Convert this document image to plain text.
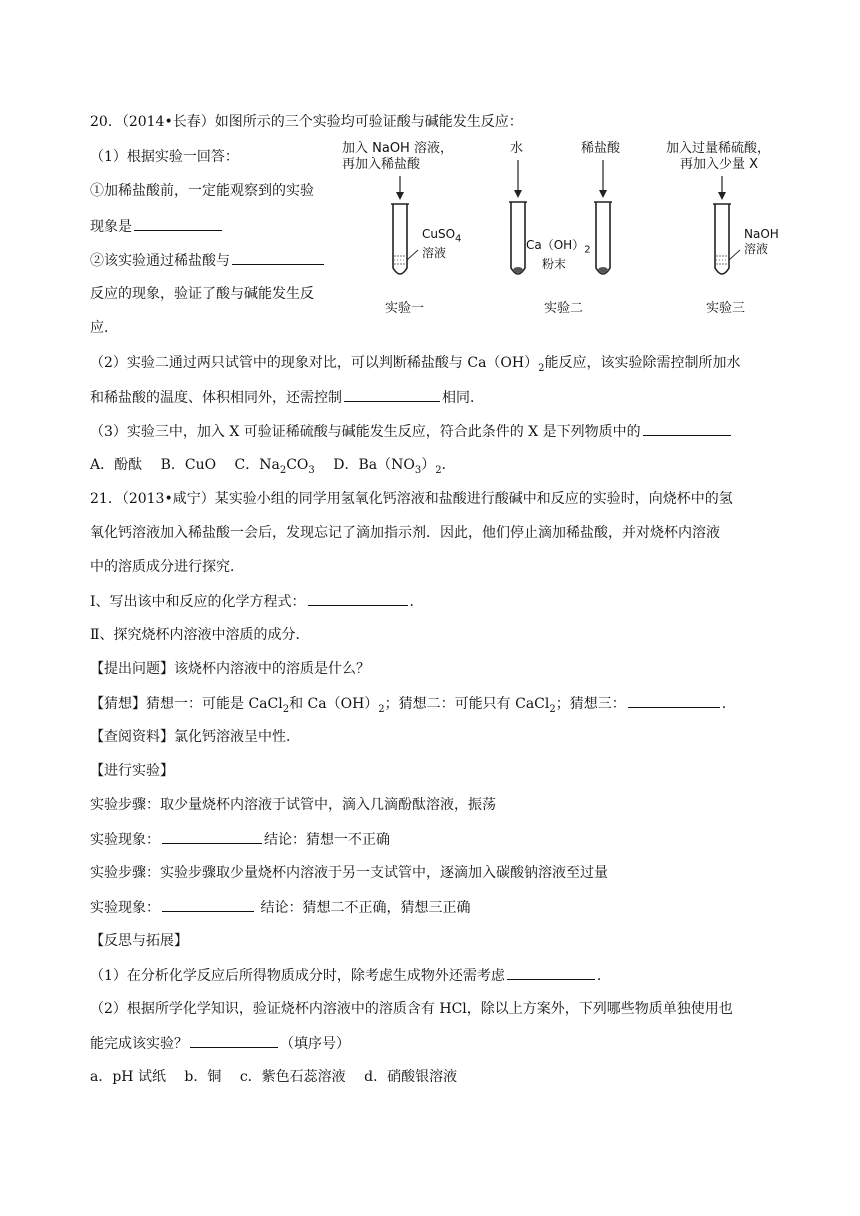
20．（2014•长春）如图所示的三个实验均可验证酸与碱能发生反应：
（1）根据实验一回答：
①加稀盐酸前，一定能观察到的实验
现象是
②该实验通过稀盐酸与
反应的现象，验证了酸与碱能发生反
应．
加入 NaOH 溶液，
再加入稀盐酸
CuSO$_4$
溶液
实验一
水	稀盐酸
$Ca(OH)_2$
粉末
实验二
加入过量稀硫酸，
再加入少量 X
NaOH
溶液
实验三
（2）实验二通过两只试管中的现象对比，可以判断稀盐酸与 $Ca(OH)_2$能反应，该实验除需控制所加水
和稀盐酸的温度、体积相同外，还需控制	相同．
（3）实验三中，加入 X 可验证稀硫酸与碱能发生反应，符合此条件的 X 是下列物质中的
A．酚酞　 B．CuO　 C．$Na_2CO_3$　 D．$Ba(NO_3)_2$．
21．（2013•咸宁）某实验小组的同学用氢氧化钙溶液和盐酸进行酸碱中和反应的实验时，向烧杯中的氢
氧化钙溶液加入稀盐酸一会后，发现忘记了滴加指示剂．因此，他们停止滴加稀盐酸，并对烧杯内溶液
中的溶质成分进行探究．
Ⅰ、写出该中和反应的化学方程式：	．
Ⅱ、探究烧杯内溶液中溶质的成分．
【提出问题】该烧杯内溶液中的溶质是什么？
【猜想】猜想一：可能是 CaCl$_2$和 $Ca(OH)_2$；猜想二：可能只有 CaCl$_2$；猜想三：	．
【查阅资料】氯化钙溶液呈中性．
【进行实验】
实验步骤：取少量烧杯内溶液于试管中，滴入几滴酚酞溶液，振荡
实验现象：	结论：猜想一不正确
实验步骤：实验步骤取少量烧杯内溶液于另一支试管中，逐滴加入碳酸钠溶液至过量
实验现象：	结论：猜想二不正确，猜想三正确
【反思与拓展】
（1）在分析化学反应后所得物质成分时，除考虑生成物外还需考虑	．
（2）根据所学化学知识，验证烧杯内溶液中的溶质含有 HCl，除以上方案外，下列哪些物质单独使用也
能完成该实验？	（填序号）
a．pH 试纸　 b．铜　 c．紫色石蕊溶液　 d．硝酸银溶液
